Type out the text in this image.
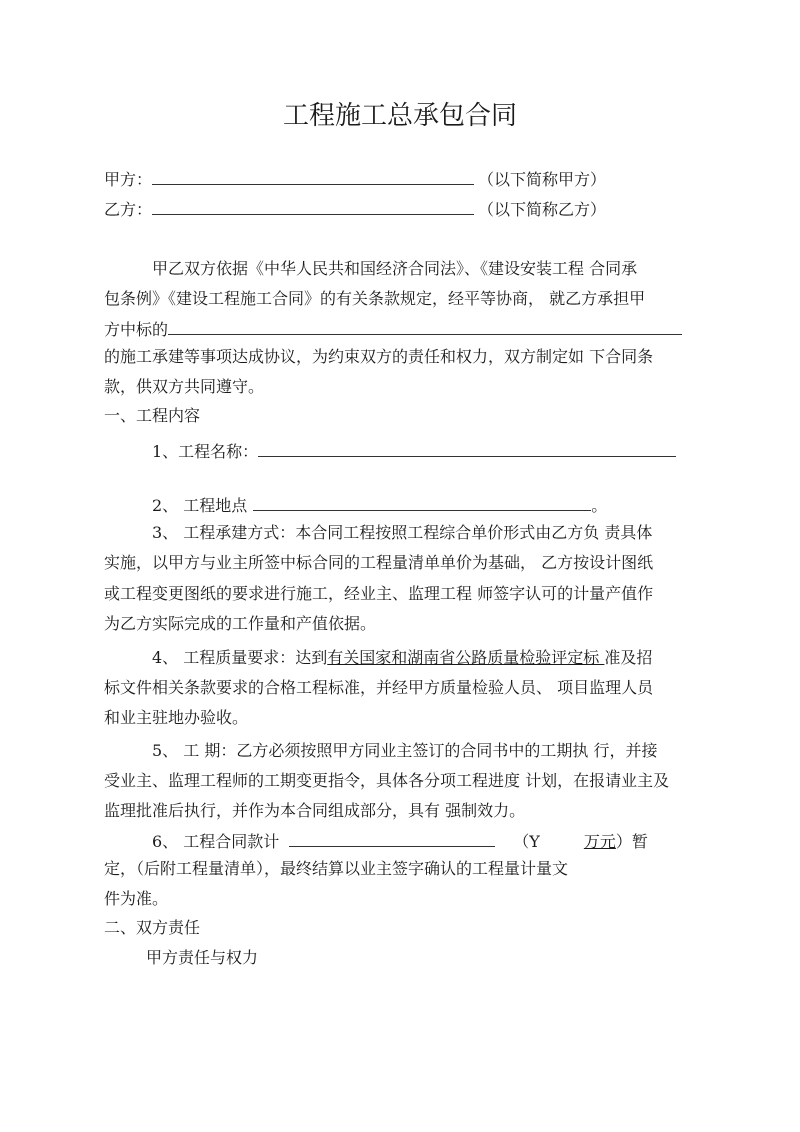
工程施工总承包合同
甲方：	（以下简称甲方）
乙方：	（以下简称乙方）
甲乙双方依据《中华人民共和国经济合同法》、《建设安装工程 合同承
包条例》《建设工程施工合同》的有关条款规定，经平等协商， 就乙方承担甲
方中标的
的施工承建等事项达成协议，为约束双方的责任和权力，双方制定如 下合同条
款，供双方共同遵守。
一、工程内容
1、工程名称：
2、 工程地点	。
3、 工程承建方式：本合同工程按照工程综合单价形式由乙方负 责具体
实施，以甲方与业主所签中标合同的工程量清单单价为基础， 乙方按设计图纸
或工程变更图纸的要求进行施工，经业主、监理工程 师签字认可的计量产值作
为乙方实际完成的工作量和产值依据。
4、 工程质量要求：达到有关国家和湖南省公路质量检验评定标 准及招
标文件相关条款要求的合格工程标准，并经甲方质量检验人员、 项目监理人员
和业主驻地办验收。
5、 工 期：乙方必须按照甲方同业主签订的合同书中的工期执 行，并接
受业主、监理工程师的工期变更指令，具体各分项工程进度 计划，在报请业主及
监理批准后执行，并作为本合同组成部分，具有 强制效力。
6、 工程合同款计	（Y	万元）暂
定，（后附工程量清单），最终结算以业主签字确认的工程量计量文
件为准。
二、双方责任
甲方责任与权力
